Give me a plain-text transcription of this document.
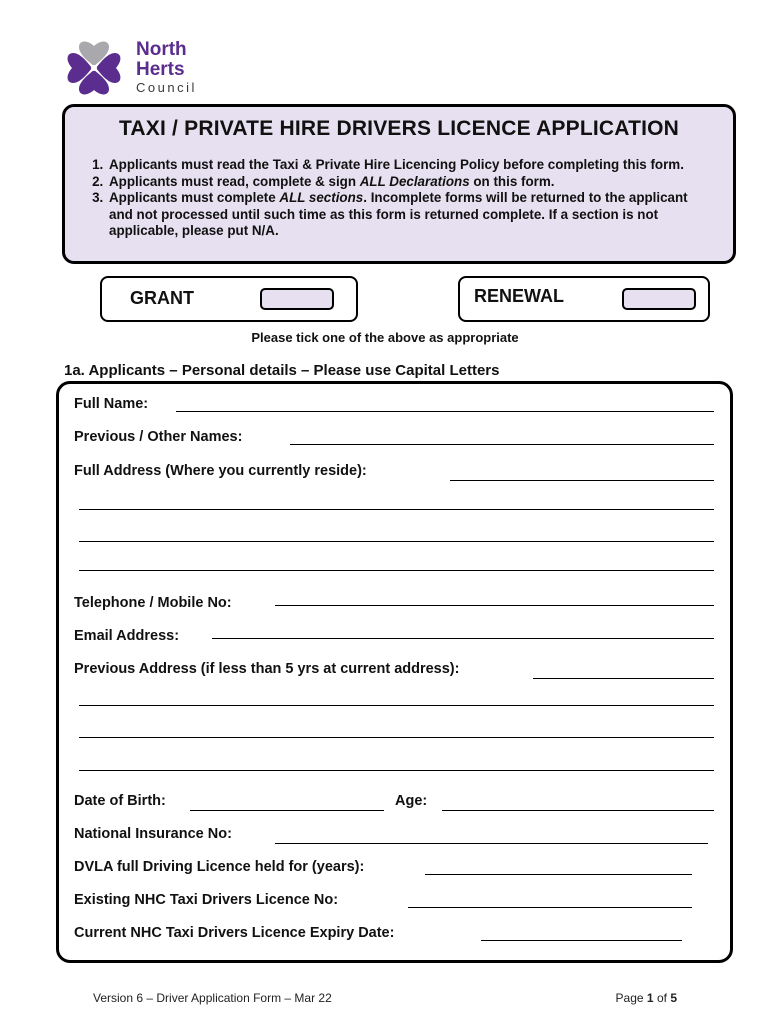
North
Herts
Council
TAXI / PRIVATE HIRE DRIVERS LICENCE APPLICATION
1. Applicants must read the Taxi & Private Hire Licencing Policy before completing this form.
2. Applicants must read, complete & sign ALL Declarations on this form.
3. Applicants must complete ALL sections. Incomplete forms will be returned to the applicant and not processed until such time as this form is returned complete. If a section is not applicable, please put N/A.
GRANT	RENEWAL
Please tick one of the above as appropriate
1a. Applicants – Personal details – Please use Capital Letters
Full Name:
Previous / Other Names:
Full Address (Where you currently reside):
Telephone / Mobile No:
Email Address:
Previous Address (if less than 5 yrs at current address):
Date of Birth:	Age:
National Insurance No:
DVLA full Driving Licence held for (years):
Existing NHC Taxi Drivers Licence No:
Current NHC Taxi Drivers Licence Expiry Date:
Version 6 – Driver Application Form – Mar 22	Page 1 of 5
